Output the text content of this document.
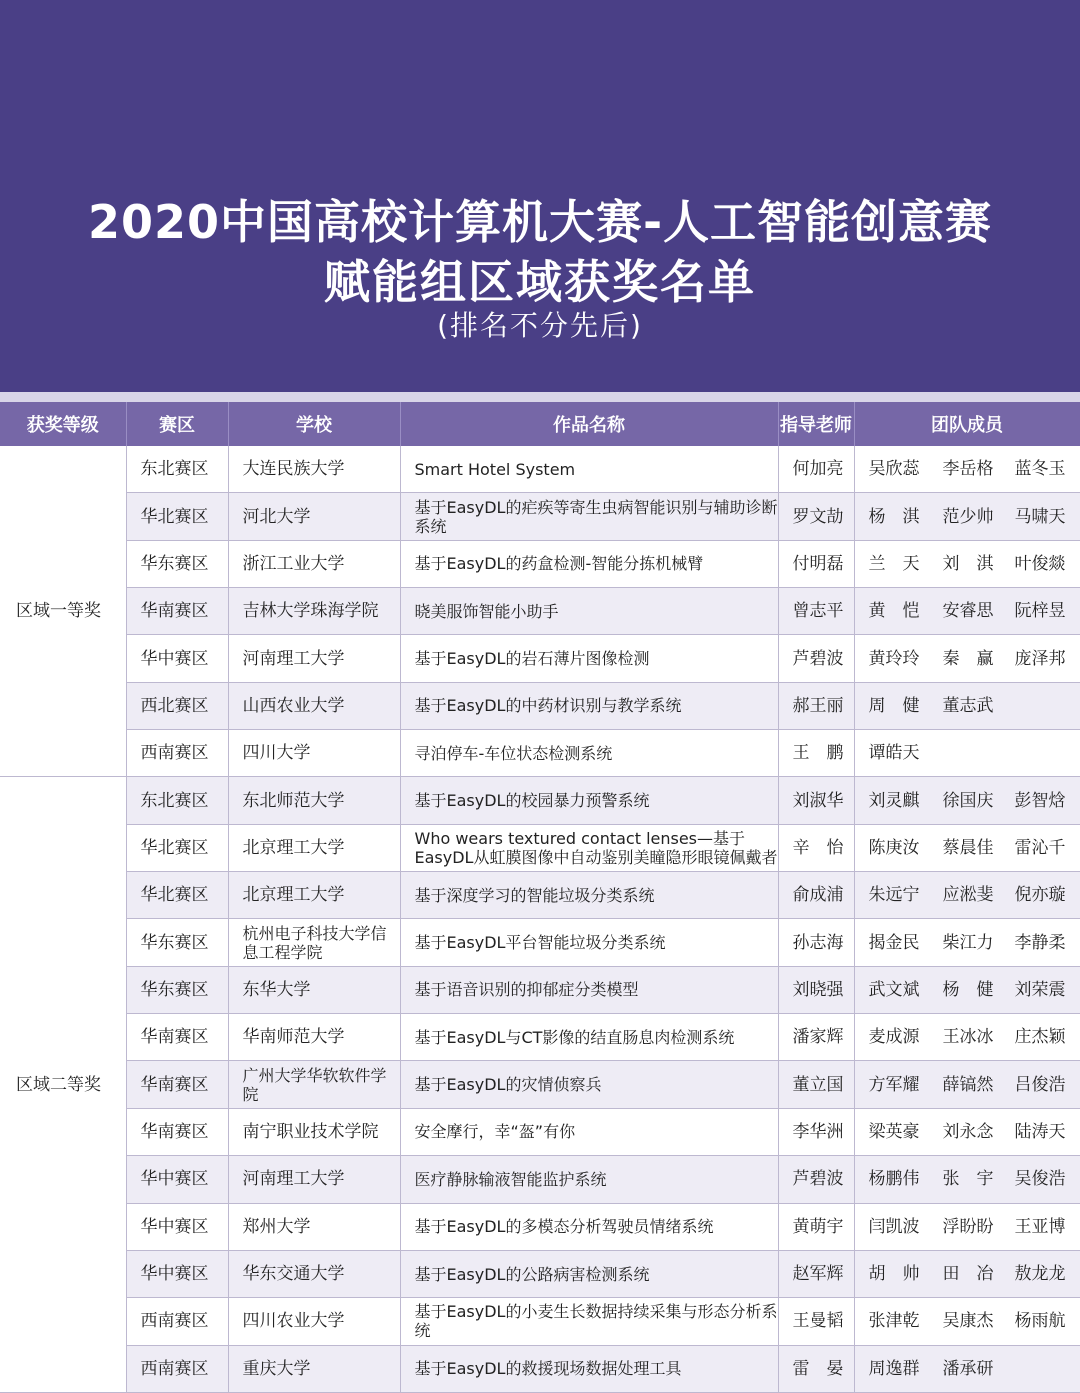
2020中国高校计算机大赛-人工智能创意赛
赋能组区域获奖名单
(排名不分先后)
获奖等级	赛区	学校	作品名称	指导老师	团队成员
区域一等奖	东北赛区	大连民族大学	Smart Hotel System	何加亮	吴欣蕊 李岳格 蓝冬玉
	华北赛区	河北大学	基于EasyDL的疟疾等寄生虫病智能识别与辅助诊断系统	罗文劼	杨　淇 范少帅 马啸天
	华东赛区	浙江工业大学	基于EasyDL的药盒检测-智能分拣机械臂	付明磊	兰　天 刘　淇 叶俊燚
	华南赛区	吉林大学珠海学院	晓美服饰智能小助手	曾志平	黄　恺 安睿思 阮梓昱
	华中赛区	河南理工大学	基于EasyDL的岩石薄片图像检测	芦碧波	黄玲玲 秦　赢 庞泽邦
	西北赛区	山西农业大学	基于EasyDL的中药材识别与教学系统	郝王丽	周　健 董志武
	西南赛区	四川大学	寻泊停车-车位状态检测系统	王　鹏	谭皓天
区域二等奖	东北赛区	东北师范大学	基于EasyDL的校园暴力预警系统	刘淑华	刘灵麒 徐国庆 彭智焓
	华北赛区	北京理工大学	Who wears textured contact lenses—基于EasyDL从虹膜图像中自动鉴别美瞳隐形眼镜佩戴者	辛　怡	陈庚汝 蔡晨佳 雷沁千
	华北赛区	北京理工大学	基于深度学习的智能垃圾分类系统	俞成浦	朱远宁 应淞斐 倪亦璇
	华东赛区	杭州电子科技大学信息工程学院	基于EasyDL平台智能垃圾分类系统	孙志海	揭金民 柴江力 李静柔
	华东赛区	东华大学	基于语音识别的抑郁症分类模型	刘晓强	武文斌 杨　健 刘荣震
	华南赛区	华南师范大学	基于EasyDL与CT影像的结直肠息肉检测系统	潘家辉	麦成源 王冰冰 庄杰颖
	华南赛区	广州大学华软软件学院	基于EasyDL的灾情侦察兵	董立国	方军耀 薛镐然 吕俊浩
	华南赛区	南宁职业技术学院	安全摩行，幸“盔”有你	李华洲	梁英豪 刘永念 陆涛天
	华中赛区	河南理工大学	医疗静脉输液智能监护系统	芦碧波	杨鹏伟 张　宇 吴俊浩
	华中赛区	郑州大学	基于EasyDL的多模态分析驾驶员情绪系统	黄萌宇	闫凯波 浮盼盼 王亚博
	华中赛区	华东交通大学	基于EasyDL的公路病害检测系统	赵军辉	胡　帅 田　冶 敖龙龙
	西南赛区	四川农业大学	基于EasyDL的小麦生长数据持续采集与形态分析系统	王曼韬	张津乾 吴康杰 杨雨航
	西南赛区	重庆大学	基于EasyDL的救援现场数据处理工具	雷　晏	周逸群 潘承研
